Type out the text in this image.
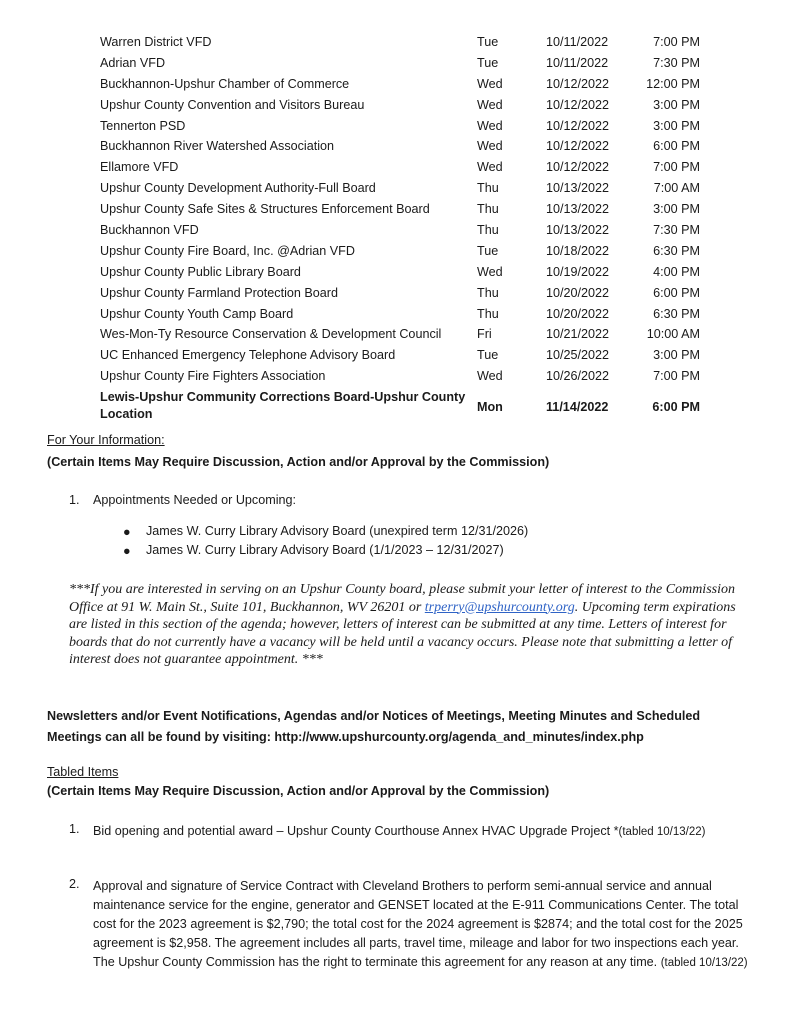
Warren District VFD	Tue	10/11/2022	7:00 PM
Adrian VFD	Tue	10/11/2022	7:30 PM
Buckhannon-Upshur Chamber of Commerce	Wed	10/12/2022	12:00 PM
Upshur County Convention and Visitors Bureau	Wed	10/12/2022	3:00 PM
Tennerton PSD	Wed	10/12/2022	3:00 PM
Buckhannon River Watershed Association	Wed	10/12/2022	6:00 PM
Ellamore VFD	Wed	10/12/2022	7:00 PM
Upshur County Development Authority-Full Board	Thu	10/13/2022	7:00 AM
Upshur County Safe Sites & Structures Enforcement Board	Thu	10/13/2022	3:00 PM
Buckhannon VFD	Thu	10/13/2022	7:30 PM
Upshur County Fire Board, Inc. @Adrian VFD	Tue	10/18/2022	6:30 PM
Upshur County Public Library Board	Wed	10/19/2022	4:00 PM
Upshur County Farmland Protection Board	Thu	10/20/2022	6:00 PM
Upshur County Youth Camp Board	Thu	10/20/2022	6:30 PM
Wes-Mon-Ty Resource Conservation & Development Council	Fri	10/21/2022	10:00 AM
UC Enhanced Emergency Telephone Advisory Board	Tue	10/25/2022	3:00 PM
Upshur County Fire Fighters Association	Wed	10/26/2022	7:00 PM
Lewis-Upshur Community Corrections Board-Upshur County Location	Mon	11/14/2022	6:00 PM
For Your Information:
(Certain Items May Require Discussion, Action and/or Approval by the Commission)
1. Appointments Needed or Upcoming:
● James W. Curry Library Advisory Board (unexpired term 12/31/2026)
● James W. Curry Library Advisory Board (1/1/2023 – 12/31/2027)
***If you are interested in serving on an Upshur County board, please submit your letter of interest to the Commission Office at 91 W. Main St., Suite 101, Buckhannon, WV 26201 or trperry@upshurcounty.org. Upcoming term expirations are listed in this section of the agenda; however, letters of interest can be submitted at any time. Letters of interest for boards that do not currently have a vacancy will be held until a vacancy occurs. Please note that submitting a letter of interest does not guarantee appointment. ***
Newsletters and/or Event Notifications, Agendas and/or Notices of Meetings, Meeting Minutes and Scheduled Meetings can all be found by visiting: http://www.upshurcounty.org/agenda_and_minutes/index.php
Tabled Items
(Certain Items May Require Discussion, Action and/or Approval by the Commission)
1. Bid opening and potential award – Upshur County Courthouse Annex HVAC Upgrade Project *(tabled 10/13/22)
2. Approval and signature of Service Contract with Cleveland Brothers to perform semi-annual service and annual maintenance service for the engine, generator and GENSET located at the E-911 Communications Center. The total cost for the 2023 agreement is $2,790; the total cost for the 2024 agreement is $2874; and the total cost for the 2025 agreement is $2,958. The agreement includes all parts, travel time, mileage and labor for two inspections each year. The Upshur County Commission has the right to terminate this agreement for any reason at any time. (tabled 10/13/22)
